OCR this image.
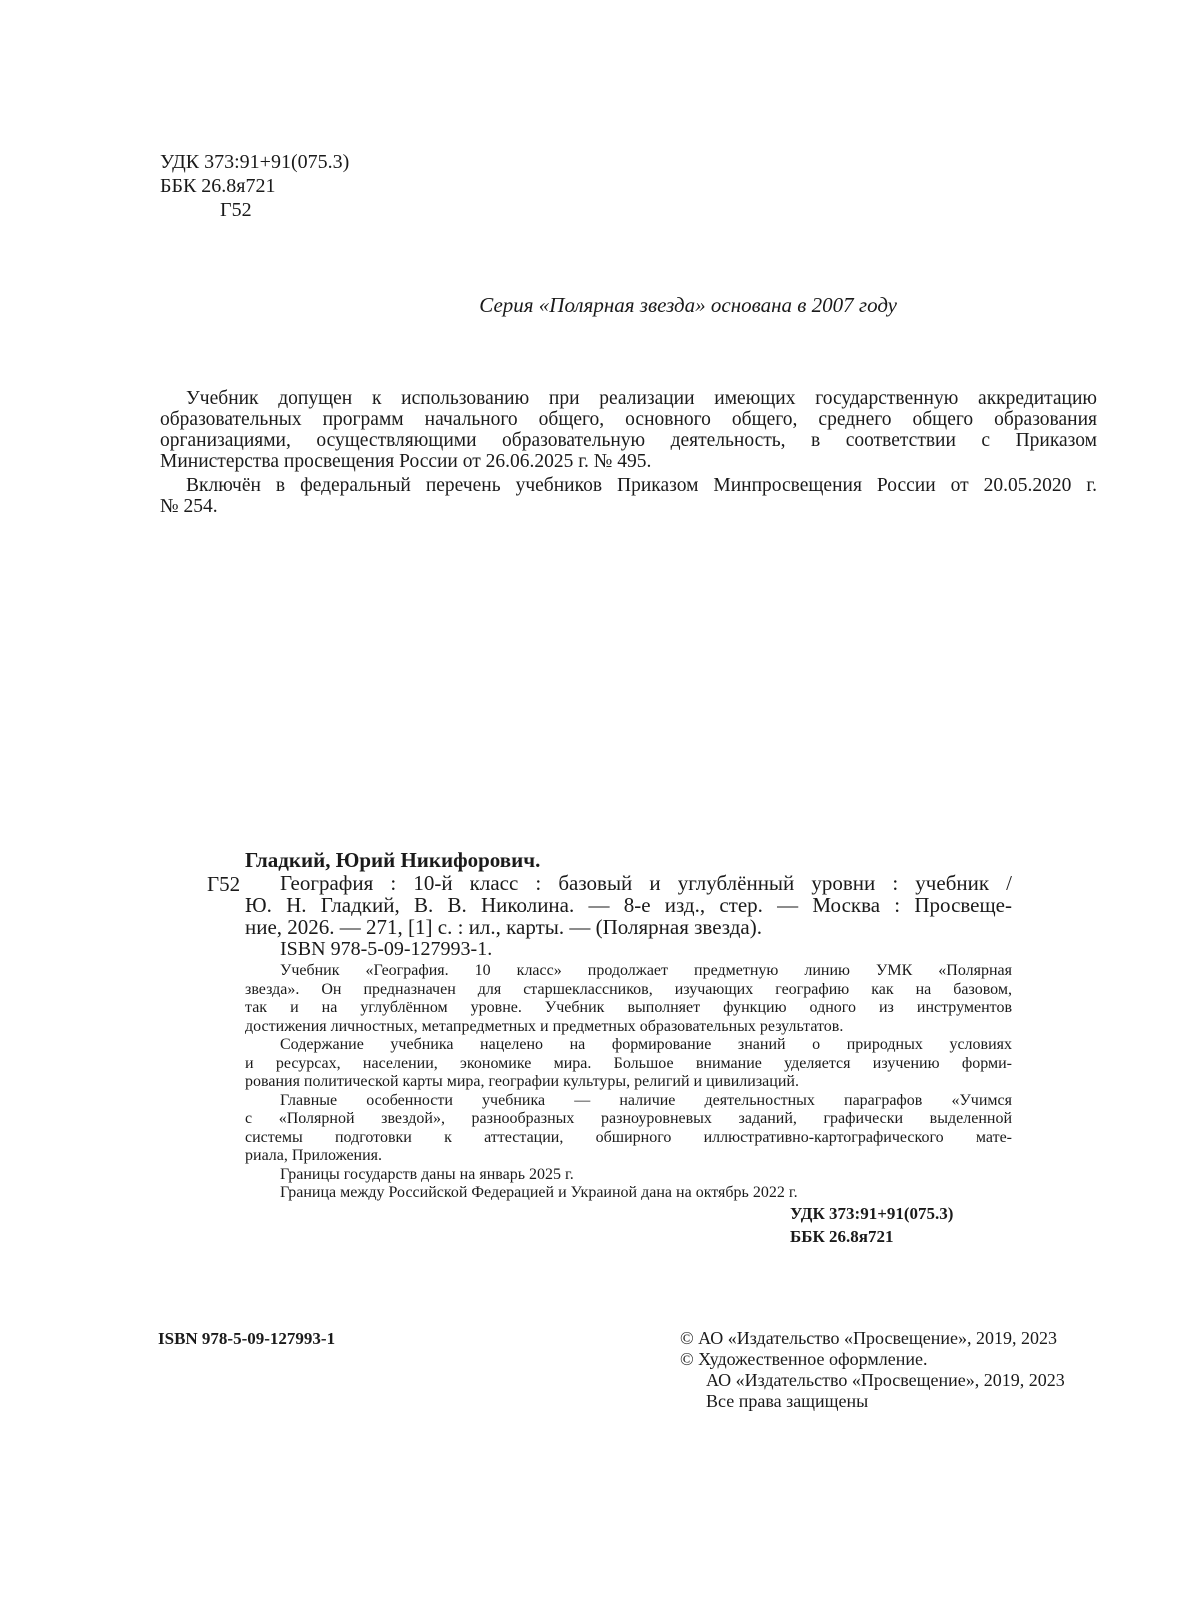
УДК 373:91+91(075.3)
ББК 26.8я721
Г52
Серия «Полярная звезда» основана в 2007 году

Учебник допущен к использованию при реализации имеющих государственную аккредитацию

образовательных программ начального общего, основного общего, среднего общего образования

организациями, осуществляющими образовательную деятельность, в соответствии с Приказом

Министерства просвещения России от 26.06.2025 г. № 495.

Включён в федеральный перечень учебников Приказом Минпросвещения России от 20.05.2020 г.

№ 254.

Гладкий, Юрий Никифорович.
Г52	География : 10-й класс : базовый и углублённый уровни : учебник /

Ю. Н. Гладкий, В. В. Николина. — 8-е изд., стер. — Москва : Просвеще-

ние, 2026. — 271, [1] с. : ил., карты. — (Полярная звезда).

ISBN 978-5-09-127993-1.

Учебник «География. 10 класс» продолжает предметную линию УМК «Полярная

звезда». Он предназначен для старшеклассников, изучающих географию как на базовом,

так и на углублённом уровне. Учебник выполняет функцию одного из инструментов

достижения личностных, метапредметных и предметных образовательных результатов.

Содержание учебника нацелено на формирование знаний о природных условиях

и ресурсах, населении, экономике мира. Большое внимание уделяется изучению форми-

рования политической карты мира, географии культуры, религий и цивилизаций.

Главные особенности учебника — наличие деятельностных параграфов «Учимся

с «Полярной звездой», разнообразных разноуровневых заданий, графически выделенной

системы подготовки к аттестации, обширного иллюстративно-картографического мате-

риала, Приложения.

Границы государств даны на январь 2025 г.

Граница между Российской Федерацией и Украиной дана на октябрь 2022 г.

УДК 373:91+91(075.3)
ББК 26.8я721
ISBN 978-5-09-127993-1	© АО «Издательство «Просвещение», 2019, 2023
© Художественное оформление.
АО «Издательство «Просвещение», 2019, 2023
Все права защищены
